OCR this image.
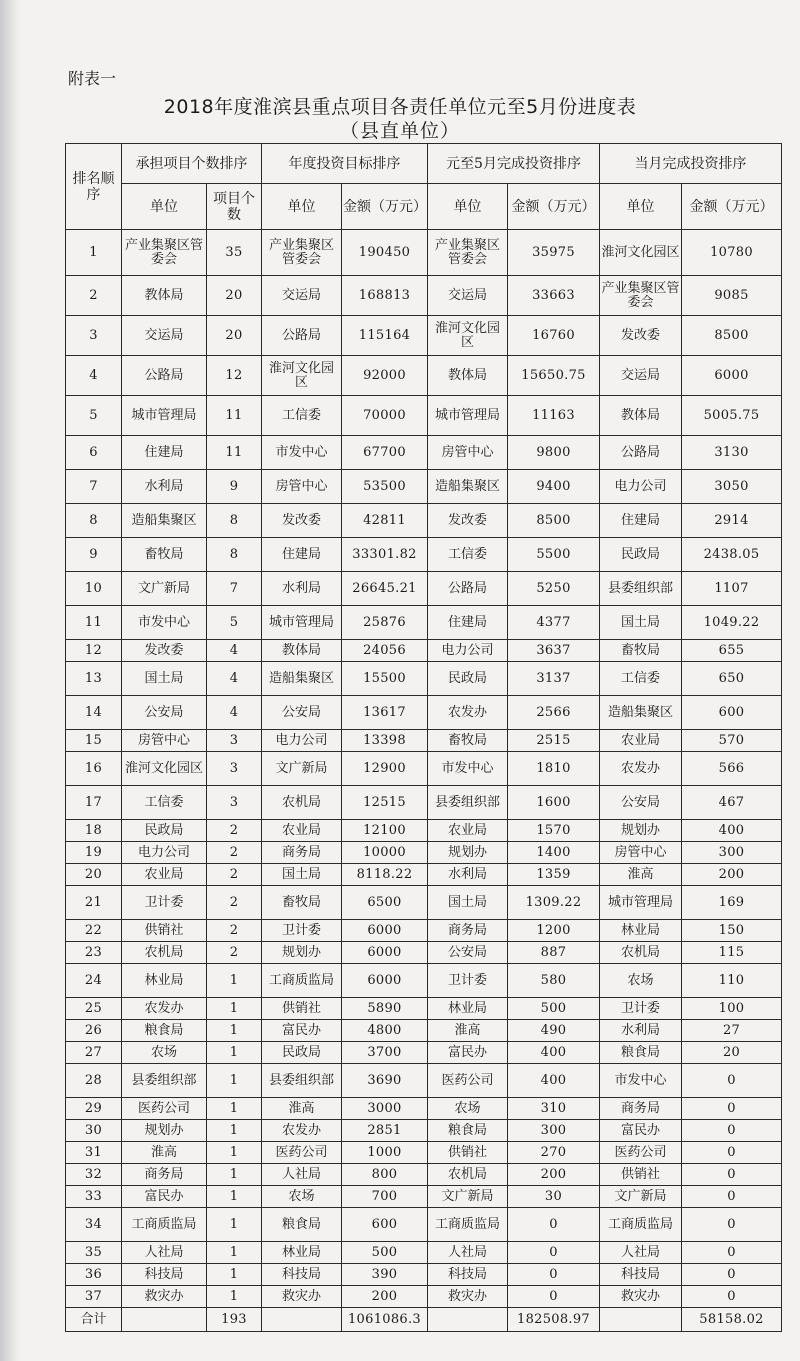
附表一
2018年度淮滨县重点项目各责任单位元至5月份进度表
（县直单位）
排名顺序	承担项目个数排序		年度投资目标排序		元至5月完成投资排序		当月完成投资排序	
	单位	项目个数	单位	金额（万元）	单位	金额（万元）	单位	金额（万元）
1	产业集聚区管委会	35	产业集聚区管委会	190450	产业集聚区管委会	35975	淮河文化园区	10780
2	教体局	20	交运局	168813	交运局	33663	产业集聚区管委会	9085
3	交运局	20	公路局	115164	淮河文化园区	16760	发改委	8500
4	公路局	12	淮河文化园区	92000	教体局	15650.75	交运局	6000
5	城市管理局	11	工信委	70000	城市管理局	11163	教体局	5005.75
6	住建局	11	市发中心	67700	房管中心	9800	公路局	3130
7	水利局	9	房管中心	53500	造船集聚区	9400	电力公司	3050
8	造船集聚区	8	发改委	42811	发改委	8500	住建局	2914
9	畜牧局	8	住建局	33301.82	工信委	5500	民政局	2438.05
10	文广新局	7	水利局	26645.21	公路局	5250	县委组织部	1107
11	市发中心	5	城市管理局	25876	住建局	4377	国土局	1049.22
12	发改委	4	教体局	24056	电力公司	3637	畜牧局	655
13	国土局	4	造船集聚区	15500	民政局	3137	工信委	650
14	公安局	4	公安局	13617	农发办	2566	造船集聚区	600
15	房管中心	3	电力公司	13398	畜牧局	2515	农业局	570
16	淮河文化园区	3	文广新局	12900	市发中心	1810	农发办	566
17	工信委	3	农机局	12515	县委组织部	1600	公安局	467
18	民政局	2	农业局	12100	农业局	1570	规划办	400
19	电力公司	2	商务局	10000	规划办	1400	房管中心	300
20	农业局	2	国土局	8118.22	水利局	1359	淮高	200
21	卫计委	2	畜牧局	6500	国土局	1309.22	城市管理局	169
22	供销社	2	卫计委	6000	商务局	1200	林业局	150
23	农机局	2	规划办	6000	公安局	887	农机局	115
24	林业局	1	工商质监局	6000	卫计委	580	农场	110
25	农发办	1	供销社	5890	林业局	500	卫计委	100
26	粮食局	1	富民办	4800	淮高	490	水利局	27
27	农场	1	民政局	3700	富民办	400	粮食局	20
28	县委组织部	1	县委组织部	3690	医药公司	400	市发中心	0
29	医药公司	1	淮高	3000	农场	310	商务局	0
30	规划办	1	农发办	2851	粮食局	300	富民办	0
31	淮高	1	医药公司	1000	供销社	270	医药公司	0
32	商务局	1	人社局	800	农机局	200	供销社	0
33	富民办	1	农场	700	文广新局	30	文广新局	0
34	工商质监局	1	粮食局	600	工商质监局	0	工商质监局	0
35	人社局	1	林业局	500	人社局	0	人社局	0
36	科技局	1	科技局	390	科技局	0	科技局	0
37	救灾办	1	救灾办	200	救灾办	0	救灾办	0
合计		193		1061086.3		182508.97		58158.02
